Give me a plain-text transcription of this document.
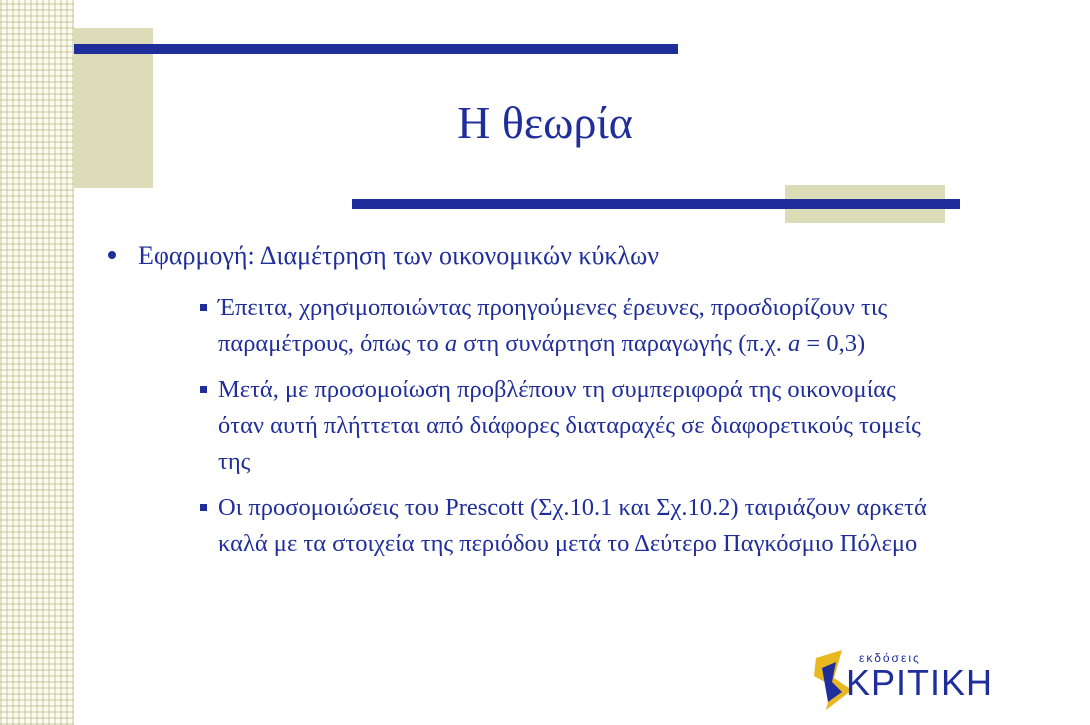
Η θεωρία
Εφαρμογή: Διαμέτρηση των οικονομικών κύκλων
Έπειτα, χρησιμοποιώντας προηγούμενες έρευνες, προσδιορίζουν τις παραμέτρους, όπως το a στη συνάρτηση παραγωγής (π.χ. a = 0,3)
Μετά, με προσομοίωση προβλέπουν τη συμπεριφορά της οικονομίας όταν αυτή πλήττεται από διάφορες διαταραχές σε διαφορετικούς τομείς της
Οι προσομοιώσεις του Prescott (Σχ.10.1 και Σχ.10.2) ταιριάζουν αρκετά καλά με τα στοιχεία της περιόδου μετά το Δεύτερο Παγκόσμιο Πόλεμο
εκδόσεις
ΚΡΙΤΙΚΗ
